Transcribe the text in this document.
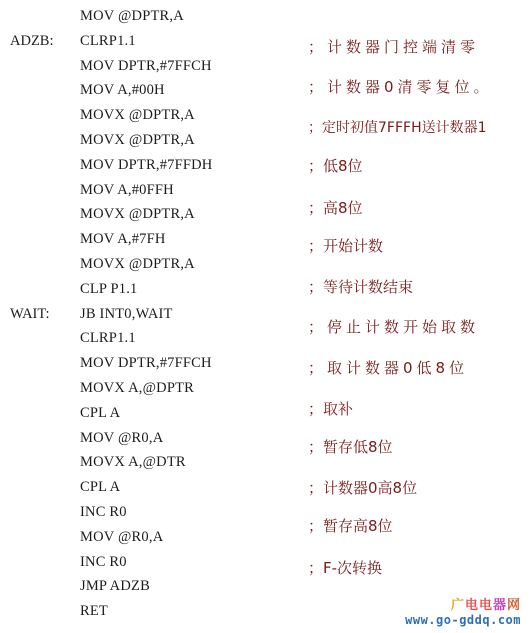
MOV @DPTR,A
ADZB: CLRP1.1
MOV DPTR,#7FFCH
MOV A,#00H
MOVX @DPTR,A
MOVX @DPTR,A
MOV DPTR,#7FFDH
MOV A,#0FFH
MOVX @DPTR,A
MOV A,#7FH
MOVX @DPTR,A
CLP P1.1
WAIT: JB INT0,WAIT
CLRP1.1
MOV DPTR,#7FFCH
MOVX A,@DPTR
CPL A
MOV @R0,A
MOVX A,@DTR
CPL A
INC R0
MOV @R0,A
INC R0
JMP ADZB
RET
；计数器门控端清零
；计数器0清零复位。
；定时初值7FFFH送计数器1
；低8位
；高8位
；开始计数
；等待计数结束
；停止计数开始取数
；取计数器0低8位
；取补
；暂存低8位
；计数器0高8位
；暂存高8位
；F-次转换
广电电器网
www.go-gddq.com
